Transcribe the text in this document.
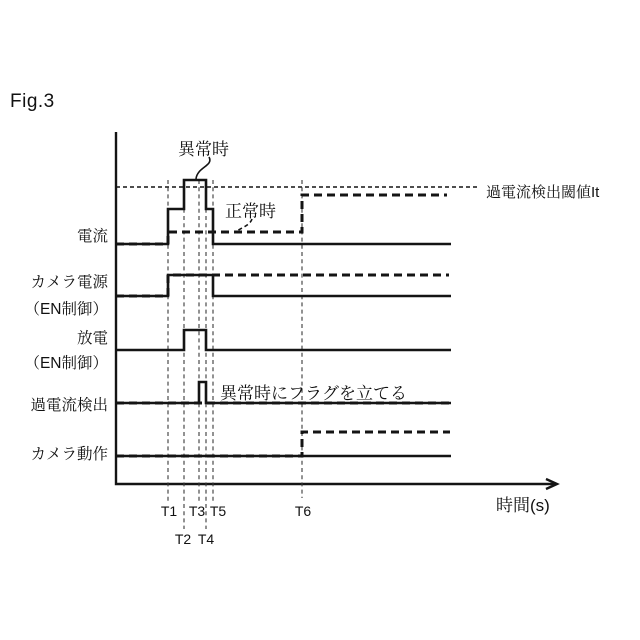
Fig.3
電流
カメラ電源
（EN制御）
放電
（EN制御）
過電流検出
カメラ動作
異常時
正常時
異常時にフラグを立てる
過電流検出閾値It
時間(s)
T1
T2
T3
T4
T5	T6
